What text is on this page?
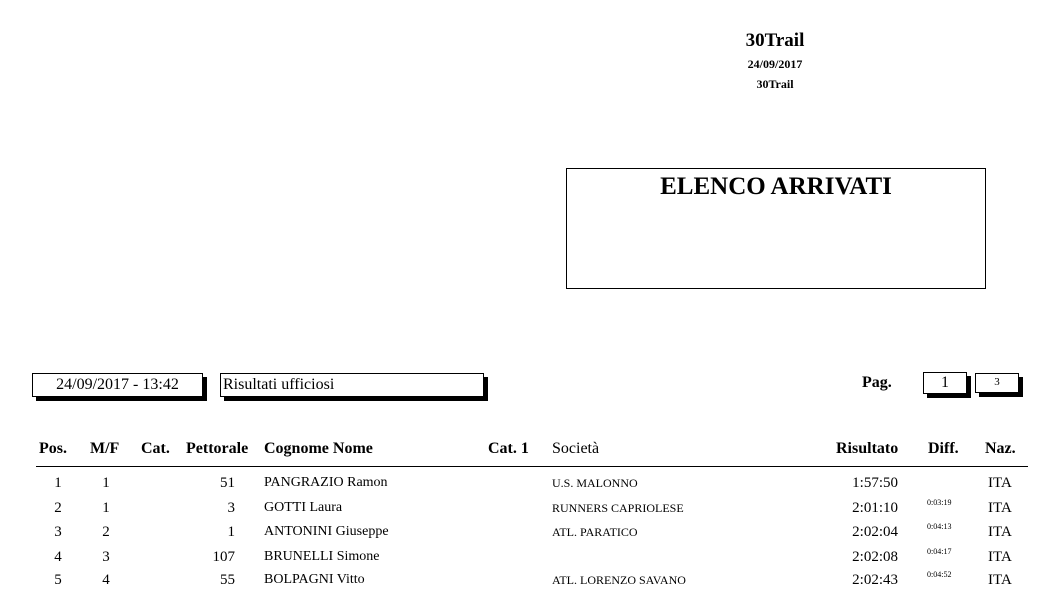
30Trail
24/09/2017
30Trail
ELENCO ARRIVATI
24/09/2017 - 13:42	Risultati ufficiosi	Pag.	1	3
Pos. M/F Cat. Pettorale Cognome Nome	Cat. 1 Società	Risultato Diff. Naz.
1	1	51 PANGRAZIO Ramon	U.S. MALONNO	1:57:50	ITA
2	1	3 GOTTI Laura	RUNNERS CAPRIOLESE	2:01:10	0:03:19 ITA
3	2	1 ANTONINI Giuseppe	ATL. PARATICO	2:02:04	0:04:13 ITA
4	3	107 BRUNELLI Simone	2:02:08	0:04:17 ITA
5	4	55 BOLPAGNI Vitto	ATL. LORENZO SAVANO	2:02:43	0:04:52 ITA
